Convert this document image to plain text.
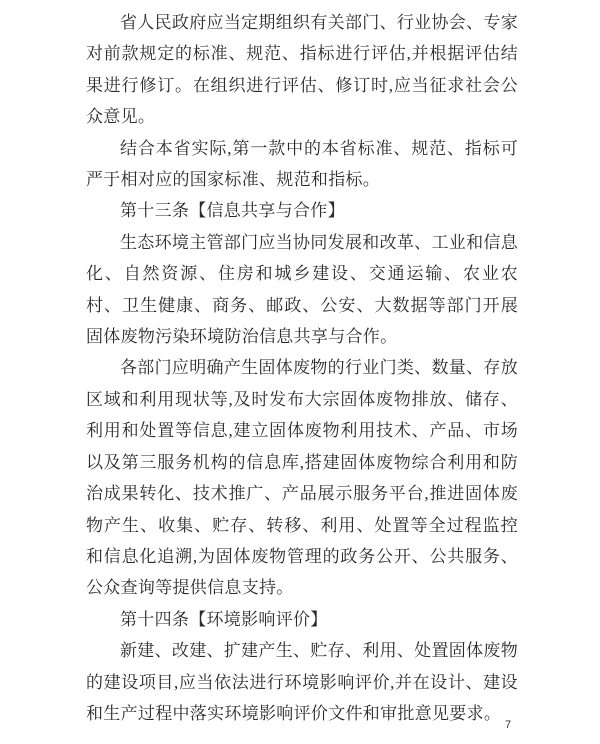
省人民政府应当定期组织有关部门、行业协会、专家对前款规定的标准、规范、指标进行评估,并根据评估结果进行修订。在组织进行评估、修订时,应当征求社会公众意见。

结合本省实际,第一款中的本省标准、规范、指标可严于相对应的国家标准、规范和指标。

第十三条【信息共享与合作】

生态环境主管部门应当协同发展和改革、工业和信息化、自然资源、住房和城乡建设、交通运输、农业农村、卫生健康、商务、邮政、公安、大数据等部门开展固体废物污染环境防治信息共享与合作。

各部门应明确产生固体废物的行业门类、数量、存放区域和利用现状等,及时发布大宗固体废物排放、储存、利用和处置等信息,建立固体废物利用技术、产品、市场以及第三服务机构的信息库,搭建固体废物综合利用和防治成果转化、技术推广、产品展示服务平台,推进固体废物产生、收集、贮存、转移、利用、处置等全过程监控和信息化追溯,为固体废物管理的政务公开、公共服务、公众查询等提供信息支持。

第十四条【环境影响评价】

新建、改建、扩建产生、贮存、利用、处置固体废物的建设项目,应当依法进行环境影响评价,并在设计、建设和生产过程中落实环境影响评价文件和审批意见要求。

7
